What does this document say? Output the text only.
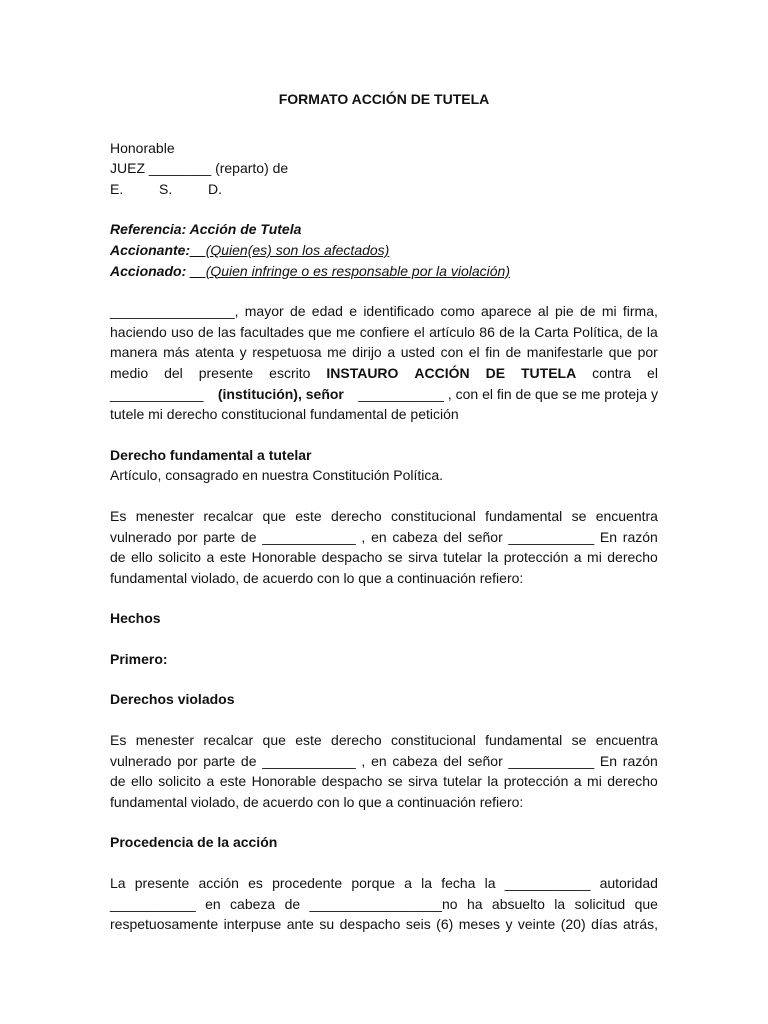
FORMATO ACCIÓN DE TUTELA

Honorable

JUEZ ________ (reparto) de

E.	S.	D.

Referencia: Acción de Tutela

Accionante:__(Quien(es) son los afectados)

Accionado: __(Quien infringe o es responsable por la violación)

________________, mayor de edad e identificado como aparece al pie de mi firma,
haciendo uso de las facultades que me confiere el artículo 86 de la Carta Política, de la
manera más atenta y respetuosa me dirijo a usted con el fin de manifestarle que por
medio del presente escrito INSTAURO ACCIÓN DE TUTELA contra el
____________ (institución), señor ___________ , con el fin de que se me proteja y
tutele mi derecho constitucional fundamental de petición

Derecho fundamental a tutelar

Artículo, consagrado en nuestra Constitución Política.

Es menester recalcar que este derecho constitucional fundamental se encuentra
vulnerado por parte de ____________ , en cabeza del señor ___________ En razón
de ello solicito a este Honorable despacho se sirva tutelar la protección a mi derecho
fundamental violado, de acuerdo con lo que a continuación refiero:

Hechos

Primero:

Derechos violados

Es menester recalcar que este derecho constitucional fundamental se encuentra
vulnerado por parte de ____________ , en cabeza del señor ___________ En razón
de ello solicito a este Honorable despacho se sirva tutelar la protección a mi derecho
fundamental violado, de acuerdo con lo que a continuación refiero:

Procedencia de la acción

La presente acción es procedente porque a la fecha la ___________ autoridad
___________ en cabeza de _________________no ha absuelto la solicitud que
respetuosamente interpuse ante su despacho seis (6) meses y veinte (20) días atrás,
